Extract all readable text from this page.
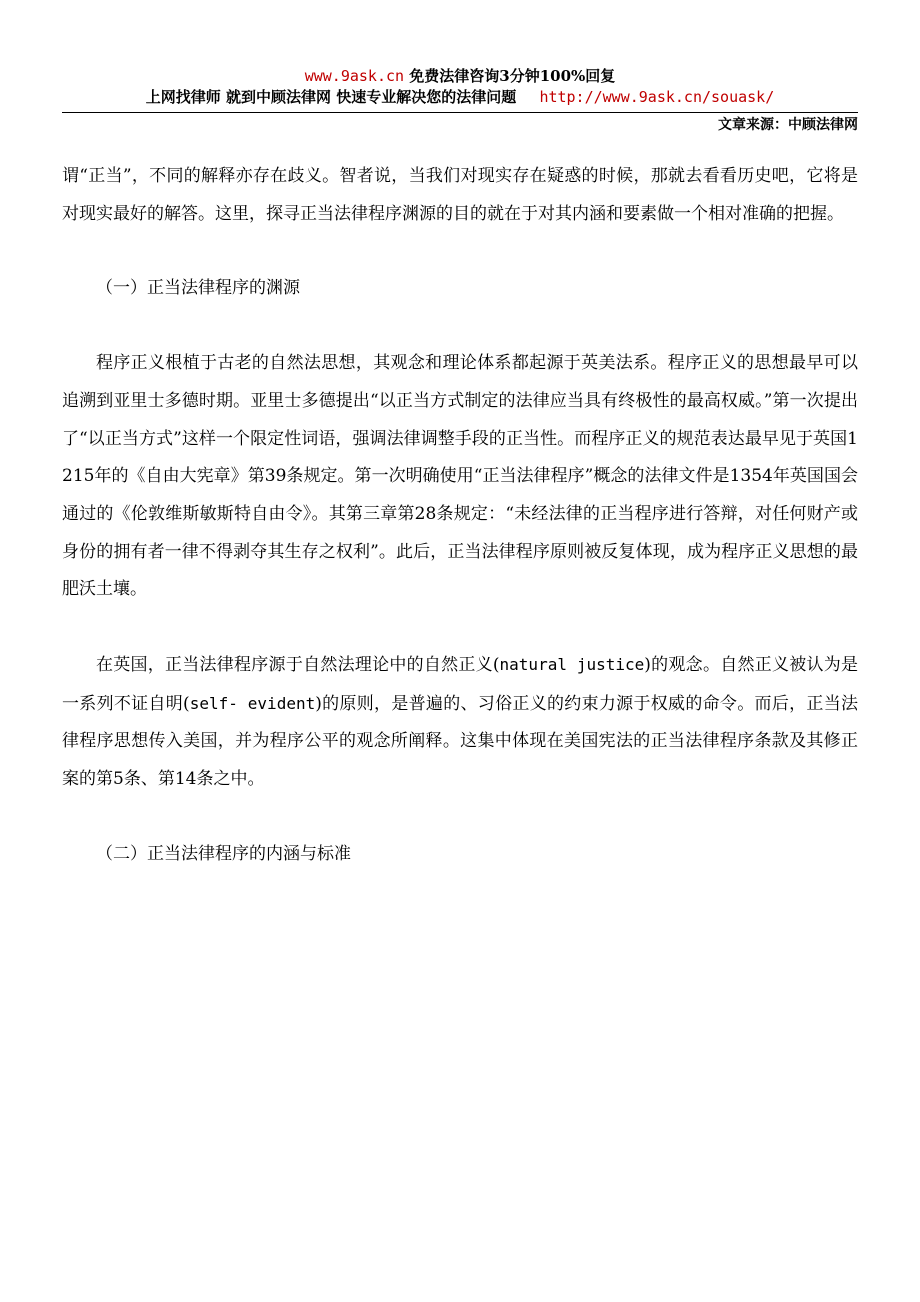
www.9ask.cn 免费法律咨询3分钟100%回复
上网找律师 就到中顾法律网 快速专业解决您的法律问题 http://www.9ask.cn/souask/
文章来源：中顾法律网

谓“正当”，不同的解释亦存在歧义。智者说，当我们对现实存在疑惑的时候，那就去看看历史吧，它将是对现实最好的解答。这里，探寻正当法律程序渊源的目的就在于对其内涵和要素做一个相对准确的把握。

（一）正当法律程序的渊源

程序正义根植于古老的自然法思想，其观念和理论体系都起源于英美法系。程序正义的思想最早可以追溯到亚里士多德时期。亚里士多德提出“以正当方式制定的法律应当具有终极性的最高权威。”第一次提出了“以正当方式”这样一个限定性词语，强调法律调整手段的正当性。而程序正义的规范表达最早见于英国1215年的《自由大宪章》第39条规定。第一次明确使用“正当法律程序”概念的法律文件是1354年英国国会通过的《伦敦维斯敏斯特自由令》。其第三章第28条规定：“未经法律的正当程序进行答辩，对任何财产或身份的拥有者一律不得剥夺其生存之权利”。此后，正当法律程序原则被反复体现，成为程序正义思想的最肥沃土壤。

在英国，正当法律程序源于自然法理论中的自然正义(natural justice)的观念。自然正义被认为是一系列不证自明(self- evident)的原则，是普遍的、习俗正义的约束力源于权威的命令。而后，正当法律程序思想传入美国，并为程序公平的观念所阐释。这集中体现在美国宪法的正当法律程序条款及其修正案的第5条、第14条之中。

（二）正当法律程序的内涵与标准
